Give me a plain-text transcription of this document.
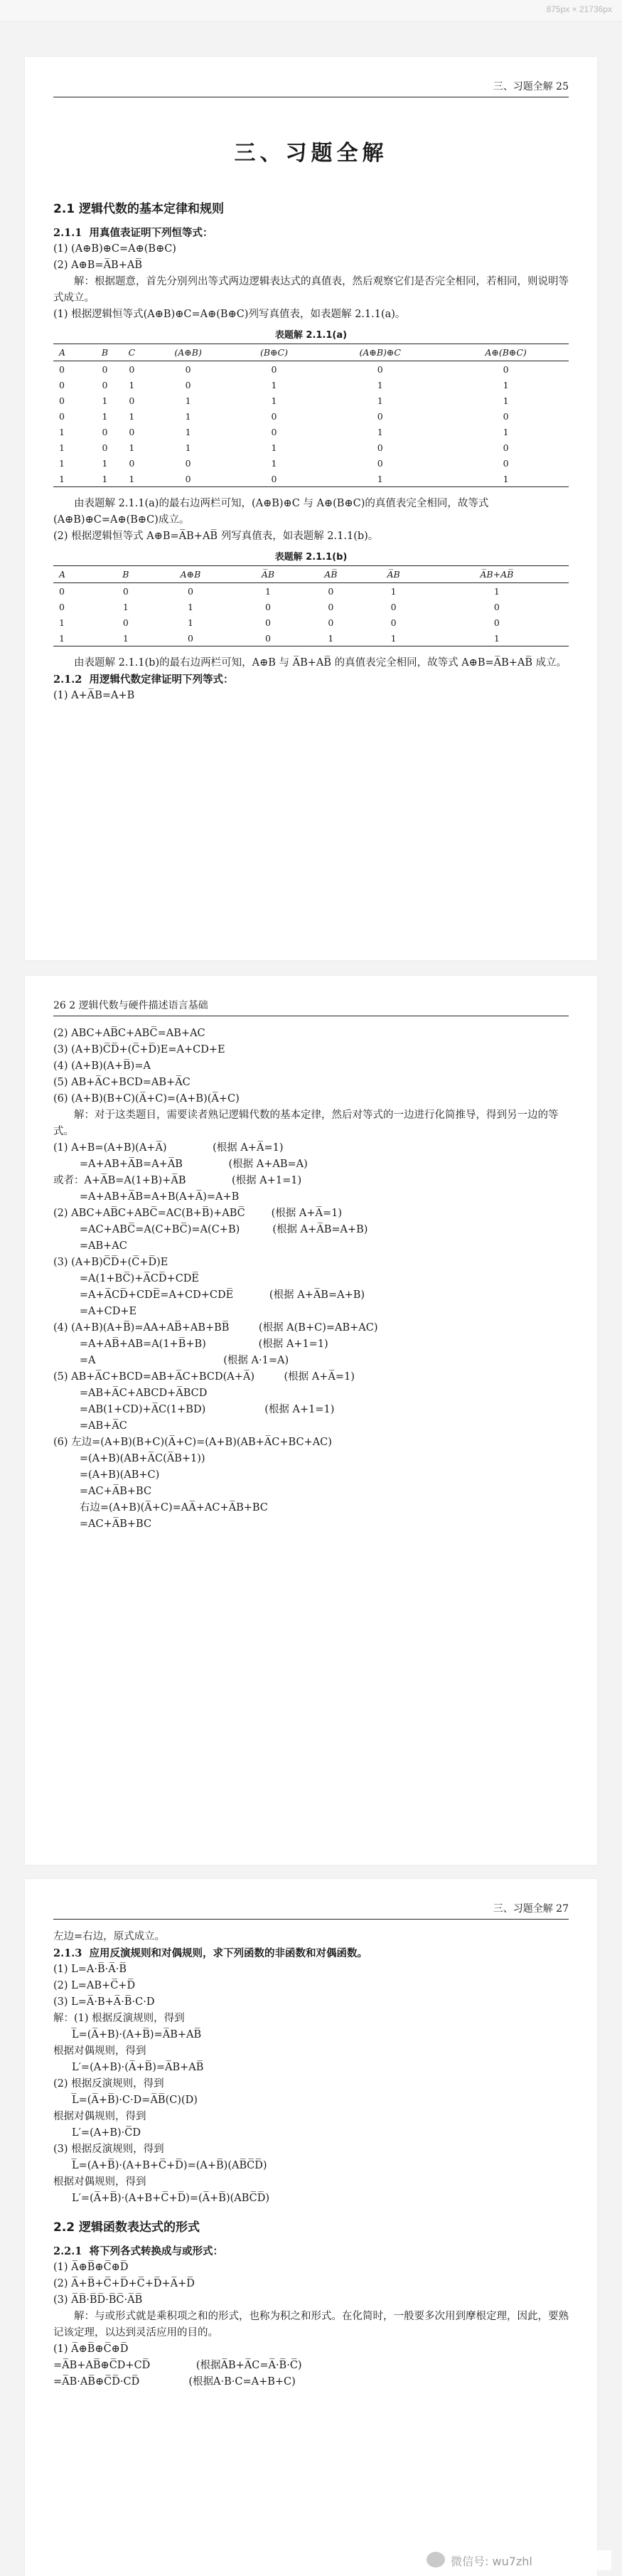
875px × 21736px
三、习题全解 25
三、习题全解
2.1 逻辑代数的基本定律和规则

2.1.1  用真值表证明下列恒等式：

(1) (A⊕B)⊕C=A⊕(B⊕C)

(2) A⊕B=A̅B+AB̅

解：根据题意，首先分别列出等式两边逻辑表达式的真值表，然后观察它们是否完全相同，若相同，则说明等式成立。

(1) 根据逻辑恒等式(A⊕B)⊕C=A⊕(B⊕C)列写真值表，如表题解 2.1.1(a)。

表题解 2.1.1(a)
A	B	C	(A⊕B)	(B⊕C)	(A⊕B)⊕C	A⊕(B⊕C)
0	0	0	0	0	0	0
0	0	1	0	1	1	1
0	1	0	1	1	1	1
0	1	1	1	0	0	0
1	0	0	1	0	1	1
1	0	1	1	1	0	0
1	1	0	0	1	0	0
1	1	1	0	0	1	1

由表题解 2.1.1(a)的最右边两栏可知，(A⊕B)⊕C 与 A⊕(B⊕C)的真值表完全相同，故等式(A⊕B)⊕C=A⊕(B⊕C)成立。

(2) 根据逻辑恒等式 A⊕B=A̅B+AB̅ 列写真值表，如表题解 2.1.1(b)。

表题解 2.1.1(b)
A	B	A⊕B	A̅B	AB̅	A̅B	A̅B+AB̅
0	0	0	1	0	1	1
0	1	1	0	0	0	0
1	0	1	0	0	0	0
1	1	0	0	1	1	1

由表题解 2.1.1(b)的最右边两栏可知，A⊕B 与 A̅B+AB̅ 的真值表完全相同，故等式 A⊕B=A̅B+AB̅ 成立。

2.1.2  用逻辑代数定律证明下列等式：

(1) A+A̅B=A+B

26 2 逻辑代数与硬件描述语言基础

(2) ABC+AB̅C+ABC̅=AB+AC

(3) (A+B)C̅D̅+(C̅+D̅)E=A+CD+E

(4) (A+B)(A+B̅)=A

(5) AB+A̅C+BCD=AB+A̅C

(6) (A+B)(B+C)(A̅+C)=(A+B)(A̅+C)

解：对于这类题目，需要读者熟记逻辑代数的基本定律，然后对等式的一边进行化简推导，得到另一边的等式。

(1) A+B=(A+B)(A+A̅)              (根据 A+A̅=1)

=A+AB+A̅B=A+A̅B              (根据 A+AB=A)

或者：A+A̅B=A(1+B)+A̅B              (根据 A+1=1)

=A+AB+A̅B=A+B(A+A̅)=A+B

(2) ABC+AB̅C+ABC̅=AC(B+B̅)+ABC̅        (根据 A+A̅=1)

=AC+ABC̅=A(C+BC̅)=A(C+B)          (根据 A+A̅B=A+B)

=AB+AC

(3) (A+B)C̅D̅+(C̅+D̅)E

=A(1+BC̅)+A̅CD̅+CDE̅

=A+A̅CD̅+CDE̅=A+CD+CDE̅           (根据 A+A̅B=A+B)

=A+CD+E

(4) (A+B)(A+B̅)=AA+AB̅+AB+BB̅         (根据 A(B+C)=AB+AC)

=A+AB̅+AB=A(1+B̅+B)                (根据 A+1=1)

=A                                       (根据 A·1=A)

(5) AB+A̅C+BCD=AB+A̅C+BCD(A+A̅)         (根据 A+A̅=1)

=AB+A̅C+ABCD+A̅BCD

=AB(1+CD)+A̅C(1+BD)                  (根据 A+1=1)

=AB+A̅C

(6) 左边=(A+B)(B+C)(A̅+C)=(A+B)(AB+A̅C+BC+AC)

=(A+B)(AB+A̅C(A̅B+1))

=(A+B)(AB+C)

=AC+A̅B+BC

右边=(A+B)(A̅+C)=AA̅+AC+A̅B+BC

=AC+A̅B+BC

三、习题全解 27

左边=右边，原式成立。

2.1.3  应用反演规则和对偶规则，求下列函数的非函数和对偶函数。

(1) L=A·B̅·A̅·B̅

(2) L=AB+C̅+D̅

(3) L=A̅·B+A̅·B̅·C·D

解：(1) 根据反演规则，得到

L̅=(A̅+B)·(A+B̅)=A̅B+AB̅

根据对偶规则，得到

L′=(A+B)·(A̅+B̅)=A̅B+AB̅

(2) 根据反演规则，得到

L̅=(A̅+B̅)·C·D=A̅B̅(C)(D)

根据对偶规则，得到

L′=(A+B)·C̅D

(3) 根据反演规则，得到

L̅=(A+B̅)·(A+B+C̅+D̅)=(A+B̅)(AB̅C̅D̅)

根据对偶规则，得到

L′=(A̅+B̅)·(A+B+C̅+D̅)=(A̅+B̅)(ABC̅D̅)

2.2 逻辑函数表达式的形式

2.2.1  将下列各式转换成与或形式：

(1) A̅⊕B̅⊕C̅⊕D̅

(2) A̅+B̅+C̅+D̅+C̅+D̅+A̅+D̅

(3) A̅B̅·B̅D̅·B̅C̅·A̅B̅

解：与或形式就是乘积项之和的形式，也称为积之和形式。在化简时，一般要多次用到摩根定理，因此，要熟记该定理，以达到灵活应用的目的。

(1) A̅⊕B̅⊕C̅⊕D̅

=A̅B+AB̅⊕C̅D+CD̅              (根据A̅B+A̅C=A̅·B̅·C̅)

=A̅B·AB̅⊕C̅D̅·CD̅               (根据A·B·C=A+B+C)

微信号: wu7zhl
